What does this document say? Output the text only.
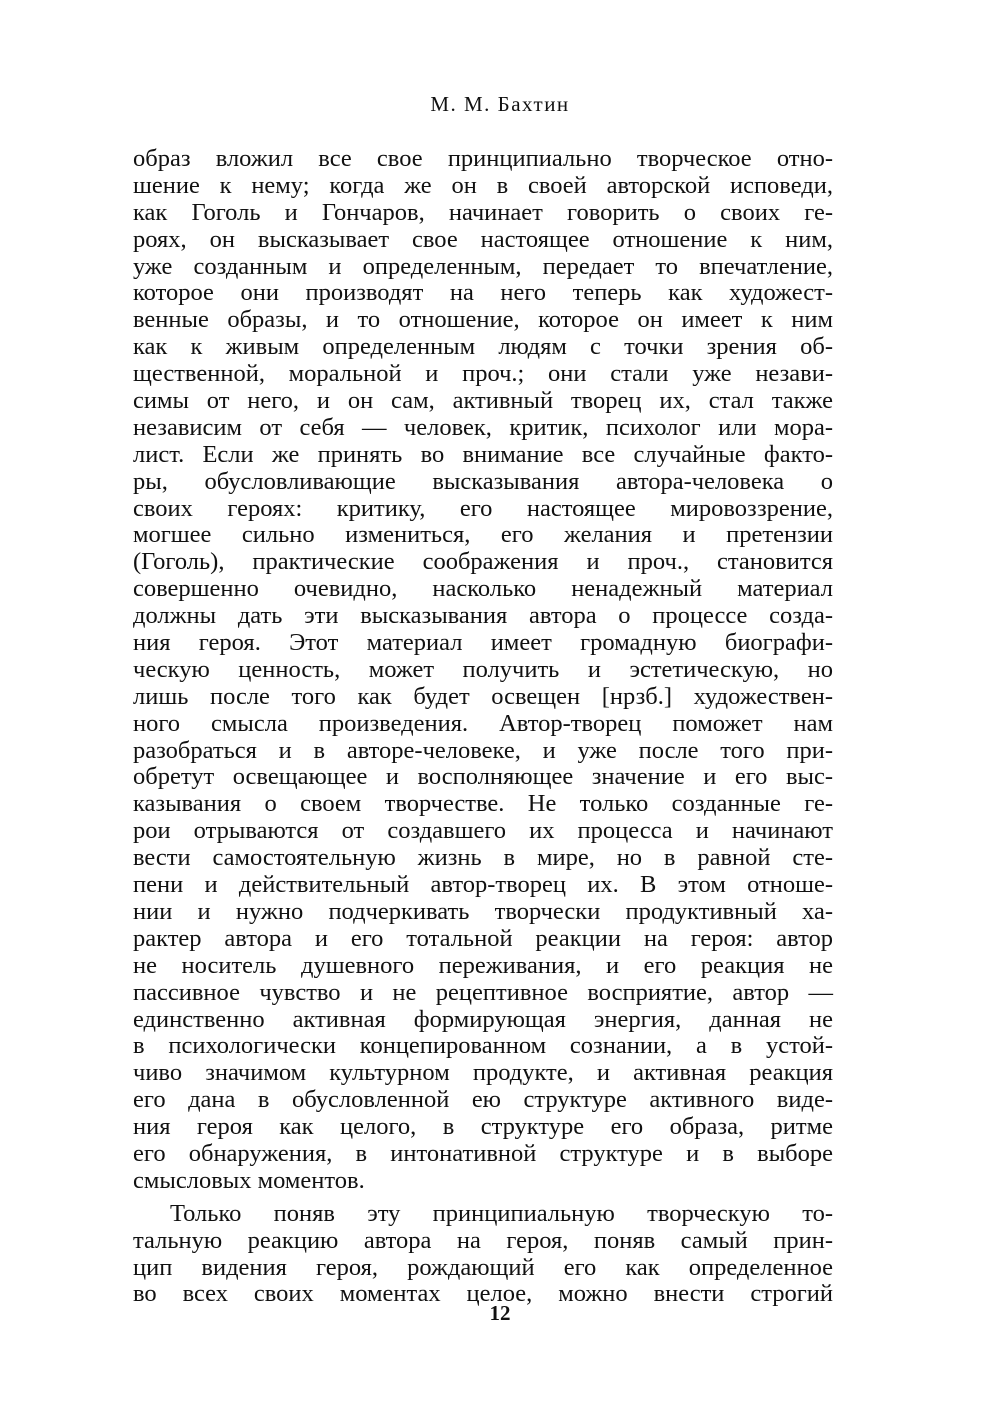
М. М. Бахтин
образ вложил все свое принципиально творческое отно-
шение к нему; когда же он в своей авторской исповеди,
как Гоголь и Гончаров, начинает говорить о своих ге-
роях, он высказывает свое настоящее отношение к ним,
уже созданным и определенным, передает то впечатление,
которое они производят на него теперь как художест-
венные образы, и то отношение, которое он имеет к ним
как к живым определенным людям с точки зрения об-
щественной, моральной и проч.; они стали уже незави-
симы от него, и он сам, активный творец их, стал также
независим от себя — человек, критик, психолог или мора-
лист. Если же принять во внимание все случайные факто-
ры, обусловливающие высказывания автора-человека о
своих героях: критику, его настоящее мировоззрение,
могшее сильно измениться, его желания и претензии
(Гоголь), практические соображения и проч., становится
совершенно очевидно, насколько ненадежный материал
должны дать эти высказывания автора о процессе созда-
ния героя. Этот материал имеет громадную биографи-
ческую ценность, может получить и эстетическую, но
лишь после того как будет освещен [нрзб.] художествен-
ного смысла произведения. Автор-творец поможет нам
разобраться и в авторе-человеке, и уже после того при-
обретут освещающее и восполняющее значение и его выс-
казывания о своем творчестве. Не только созданные ге-
рои отрываются от создавшего их процесса и начинают
вести самостоятельную жизнь в мире, но в равной сте-
пени и действительный автор-творец их. В этом отноше-
нии и нужно подчеркивать творчески продуктивный ха-
рактер автора и его тотальной реакции на героя: автор
не носитель душевного переживания, и его реакция не
пассивное чувство и не рецептивное восприятие, автор —
единственно активная формирующая энергия, данная не
в психологически концепированном сознании, а в устой-
чиво значимом культурном продукте, и активная реакция
его дана в обусловленной ею структуре активного виде-
ния героя как целого, в структуре его образа, ритме
его обнаружения, в интонативной структуре и в выборе
смысловых моментов.
Только поняв эту принципиальную творческую то-
тальную реакцию автора на героя, поняв самый прин-
цип видения героя, рождающий его как определенное
во всех своих моментах целое, можно внести строгий
12
